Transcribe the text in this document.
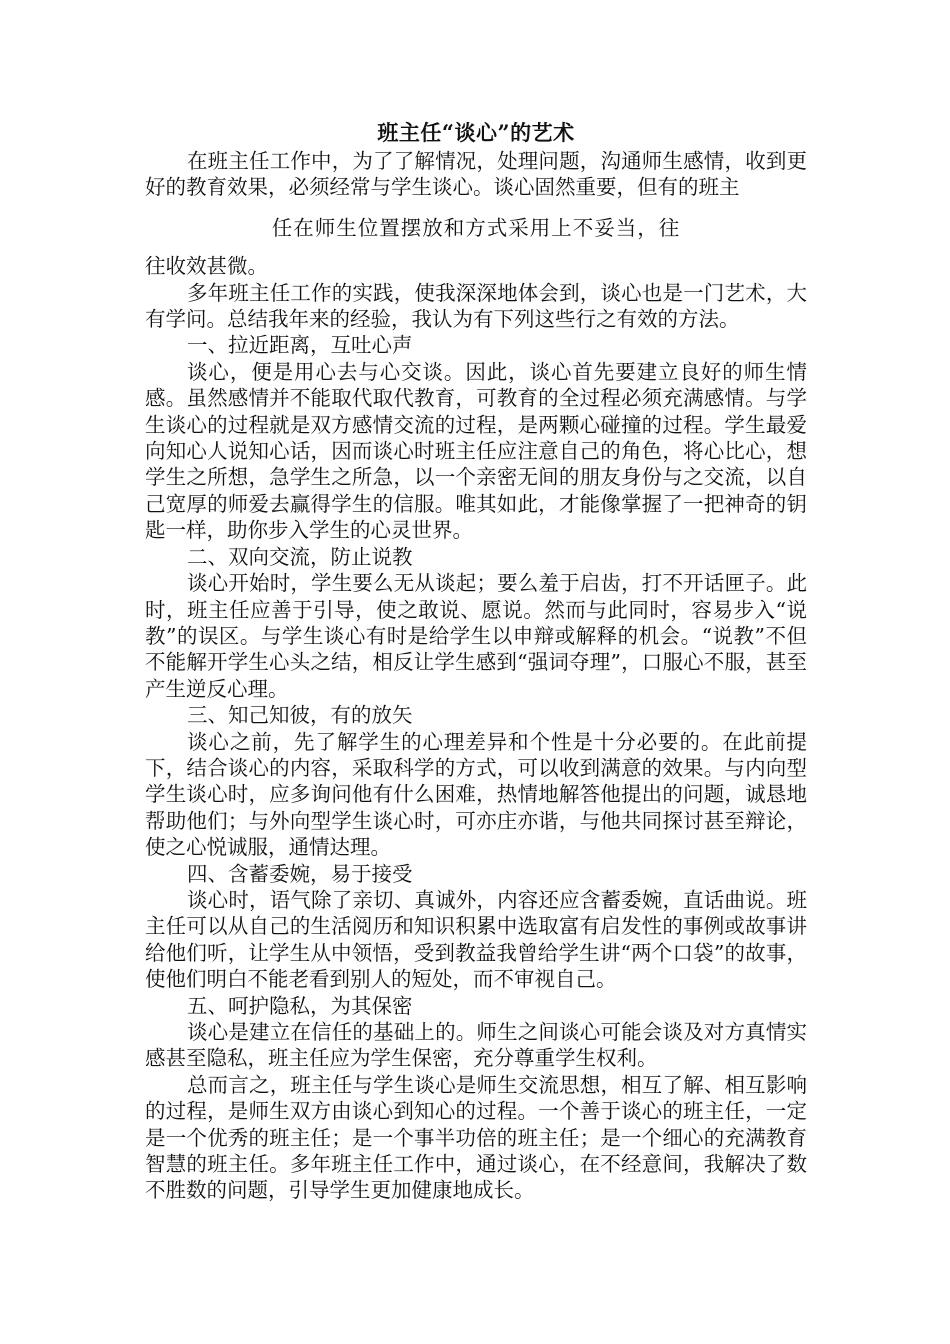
班主任“谈心”的艺术

在班主任工作中，为了了解情况，处理问题，沟通师生感情，收到更好的教育效果，必须经常与学生谈心。谈心固然重要，但有的班主

任在师生位置摆放和方式采用上不妥当，往

往收效甚微。

多年班主任工作的实践，使我深深地体会到，谈心也是一门艺术，大有学问。总结我年来的经验，我认为有下列这些行之有效的方法。

一、拉近距离，互吐心声

谈心，便是用心去与心交谈。因此，谈心首先要建立良好的师生情感。虽然感情并不能取代取代教育，可教育的全过程必须充满感情。与学生谈心的过程就是双方感情交流的过程，是两颗心碰撞的过程。学生最爱向知心人说知心话，因而谈心时班主任应注意自己的角色，将心比心，想学生之所想，急学生之所急，以一个亲密无间的朋友身份与之交流，以自己宽厚的师爱去赢得学生的信服。唯其如此，才能像掌握了一把神奇的钥匙一样，助你步入学生的心灵世界。

二、双向交流，防止说教

谈心开始时，学生要么无从谈起；要么羞于启齿，打不开话匣子。此时，班主任应善于引导，使之敢说、愿说。然而与此同时，容易步入“说教”的误区。与学生谈心有时是给学生以申辩或解释的机会。“说教”不但不能解开学生心头之结，相反让学生感到“强词夺理”，口服心不服，甚至产生逆反心理。

三、知己知彼，有的放矢

谈心之前，先了解学生的心理差异和个性是十分必要的。在此前提下，结合谈心的内容，采取科学的方式，可以收到满意的效果。与内向型学生谈心时，应多询问他有什么困难，热情地解答他提出的问题，诚恳地帮助他们；与外向型学生谈心时，可亦庄亦谐，与他共同探讨甚至辩论，使之心悦诚服，通情达理。

四、含蓄委婉，易于接受

谈心时，语气除了亲切、真诚外，内容还应含蓄委婉，直话曲说。班主任可以从自己的生活阅历和知识积累中选取富有启发性的事例或故事讲给他们听，让学生从中领悟，受到教益我曾给学生讲“两个口袋”的故事，使他们明白不能老看到别人的短处，而不审视自己。

五、呵护隐私，为其保密

谈心是建立在信任的基础上的。师生之间谈心可能会谈及对方真情实感甚至隐私，班主任应为学生保密，充分尊重学生权利。

总而言之，班主任与学生谈心是师生交流思想，相互了解、相互影响的过程，是师生双方由谈心到知心的过程。一个善于谈心的班主任，一定是一个优秀的班主任；是一个事半功倍的班主任；是一个细心的充满教育智慧的班主任。多年班主任工作中，通过谈心，在不经意间，我解决了数不胜数的问题，引导学生更加健康地成长。
